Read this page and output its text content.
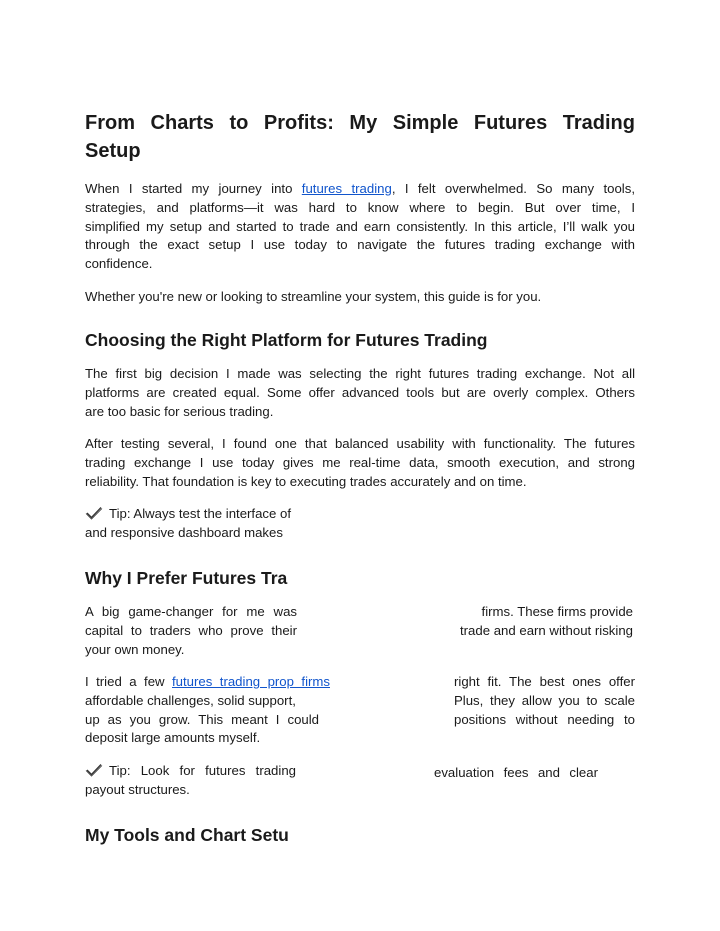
From Charts to Profits: My Simple Futures Trading
Setup
When I started my journey into futures trading, I felt overwhelmed. So many tools,
strategies, and platforms—it was hard to know where to begin. But over time, I
simplified my setup and started to trade and earn consistently. In this article, I’ll walk you
through the exact setup I use today to navigate the futures trading exchange with
confidence.
Whether you're new or looking to streamline your system, this guide is for you.
Choosing the Right Platform for Futures Trading
The first big decision I made was selecting the right futures trading exchange. Not all
platforms are created equal. Some offer advanced tools but are overly complex. Others
are too basic for serious trading.
After testing several, I found one that balanced usability with functionality. The futures
trading exchange I use today gives me real-time data, smooth execution, and strong
reliability. That foundation is key to executing trades accurately and on time.
Tip: Always test the interface of
and responsive dashboard makes
Why I Prefer Futures Tra
A big game-changer for me was
capital to traders who prove their
your own money.
firms. These firms provide
trade and earn without risking
I tried a few futures trading prop firms
affordable challenges, solid support,
up as you grow. This meant I could
deposit large amounts myself.
right fit. The best ones offer
Plus, they allow you to scale
positions without needing to
Tip: Look for futures trading
payout structures.
evaluation fees and clear
My Tools and Chart Setu
